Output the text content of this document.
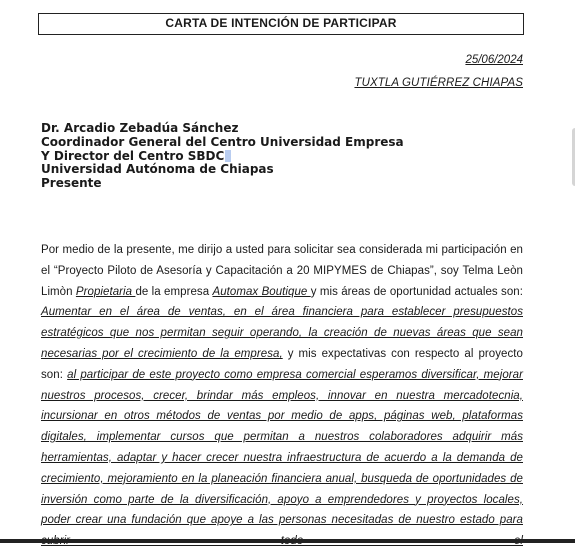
CARTA DE INTENCIÓN DE PARTICIPAR
25/06/2024
TUXTLA GUTIÉRREZ CHIAPAS
Dr. Arcadio Zebadúa Sánchez
Coordinador General del Centro Universidad Empresa
Y Director del Centro SBDC
Universidad Autónoma de Chiapas
Presente
Por medio de la presente, me dirijo a usted para solicitar sea considerada mi participación en el “Proyecto Piloto de Asesoría y Capacitación a 20 MIPYMES de Chiapas”, soy Telma Leòn Limòn Propietaria de la empresa Automax Boutique y mis áreas de oportunidad actuales son: Aumentar en el área de ventas, en el área financiera para establecer presupuestos estratégicos que nos permitan seguir operando, la creación de nuevas áreas que sean necesarias por el crecimiento de la empresa, y mis expectativas con respecto al proyecto son: al participar de este proyecto como empresa comercial esperamos diversificar, mejorar nuestros procesos, crecer, brindar más empleos, innovar en nuestra mercadotecnia, incursionar en otros métodos de ventas por medio de apps, páginas web, plataformas digitales, implementar cursos que permitan a nuestros colaboradores adquirir más herramientas, adaptar y hacer crecer nuestra infraestructura de acuerdo a la demanda de crecimiento, mejoramiento en la planeación financiera anual, busqueda de oportunidades de inversión como parte de la diversificación, apoyo a emprendedores y proyectos locales, poder crear una fundación que apoye a las personas necesitadas de nuestro estado para
